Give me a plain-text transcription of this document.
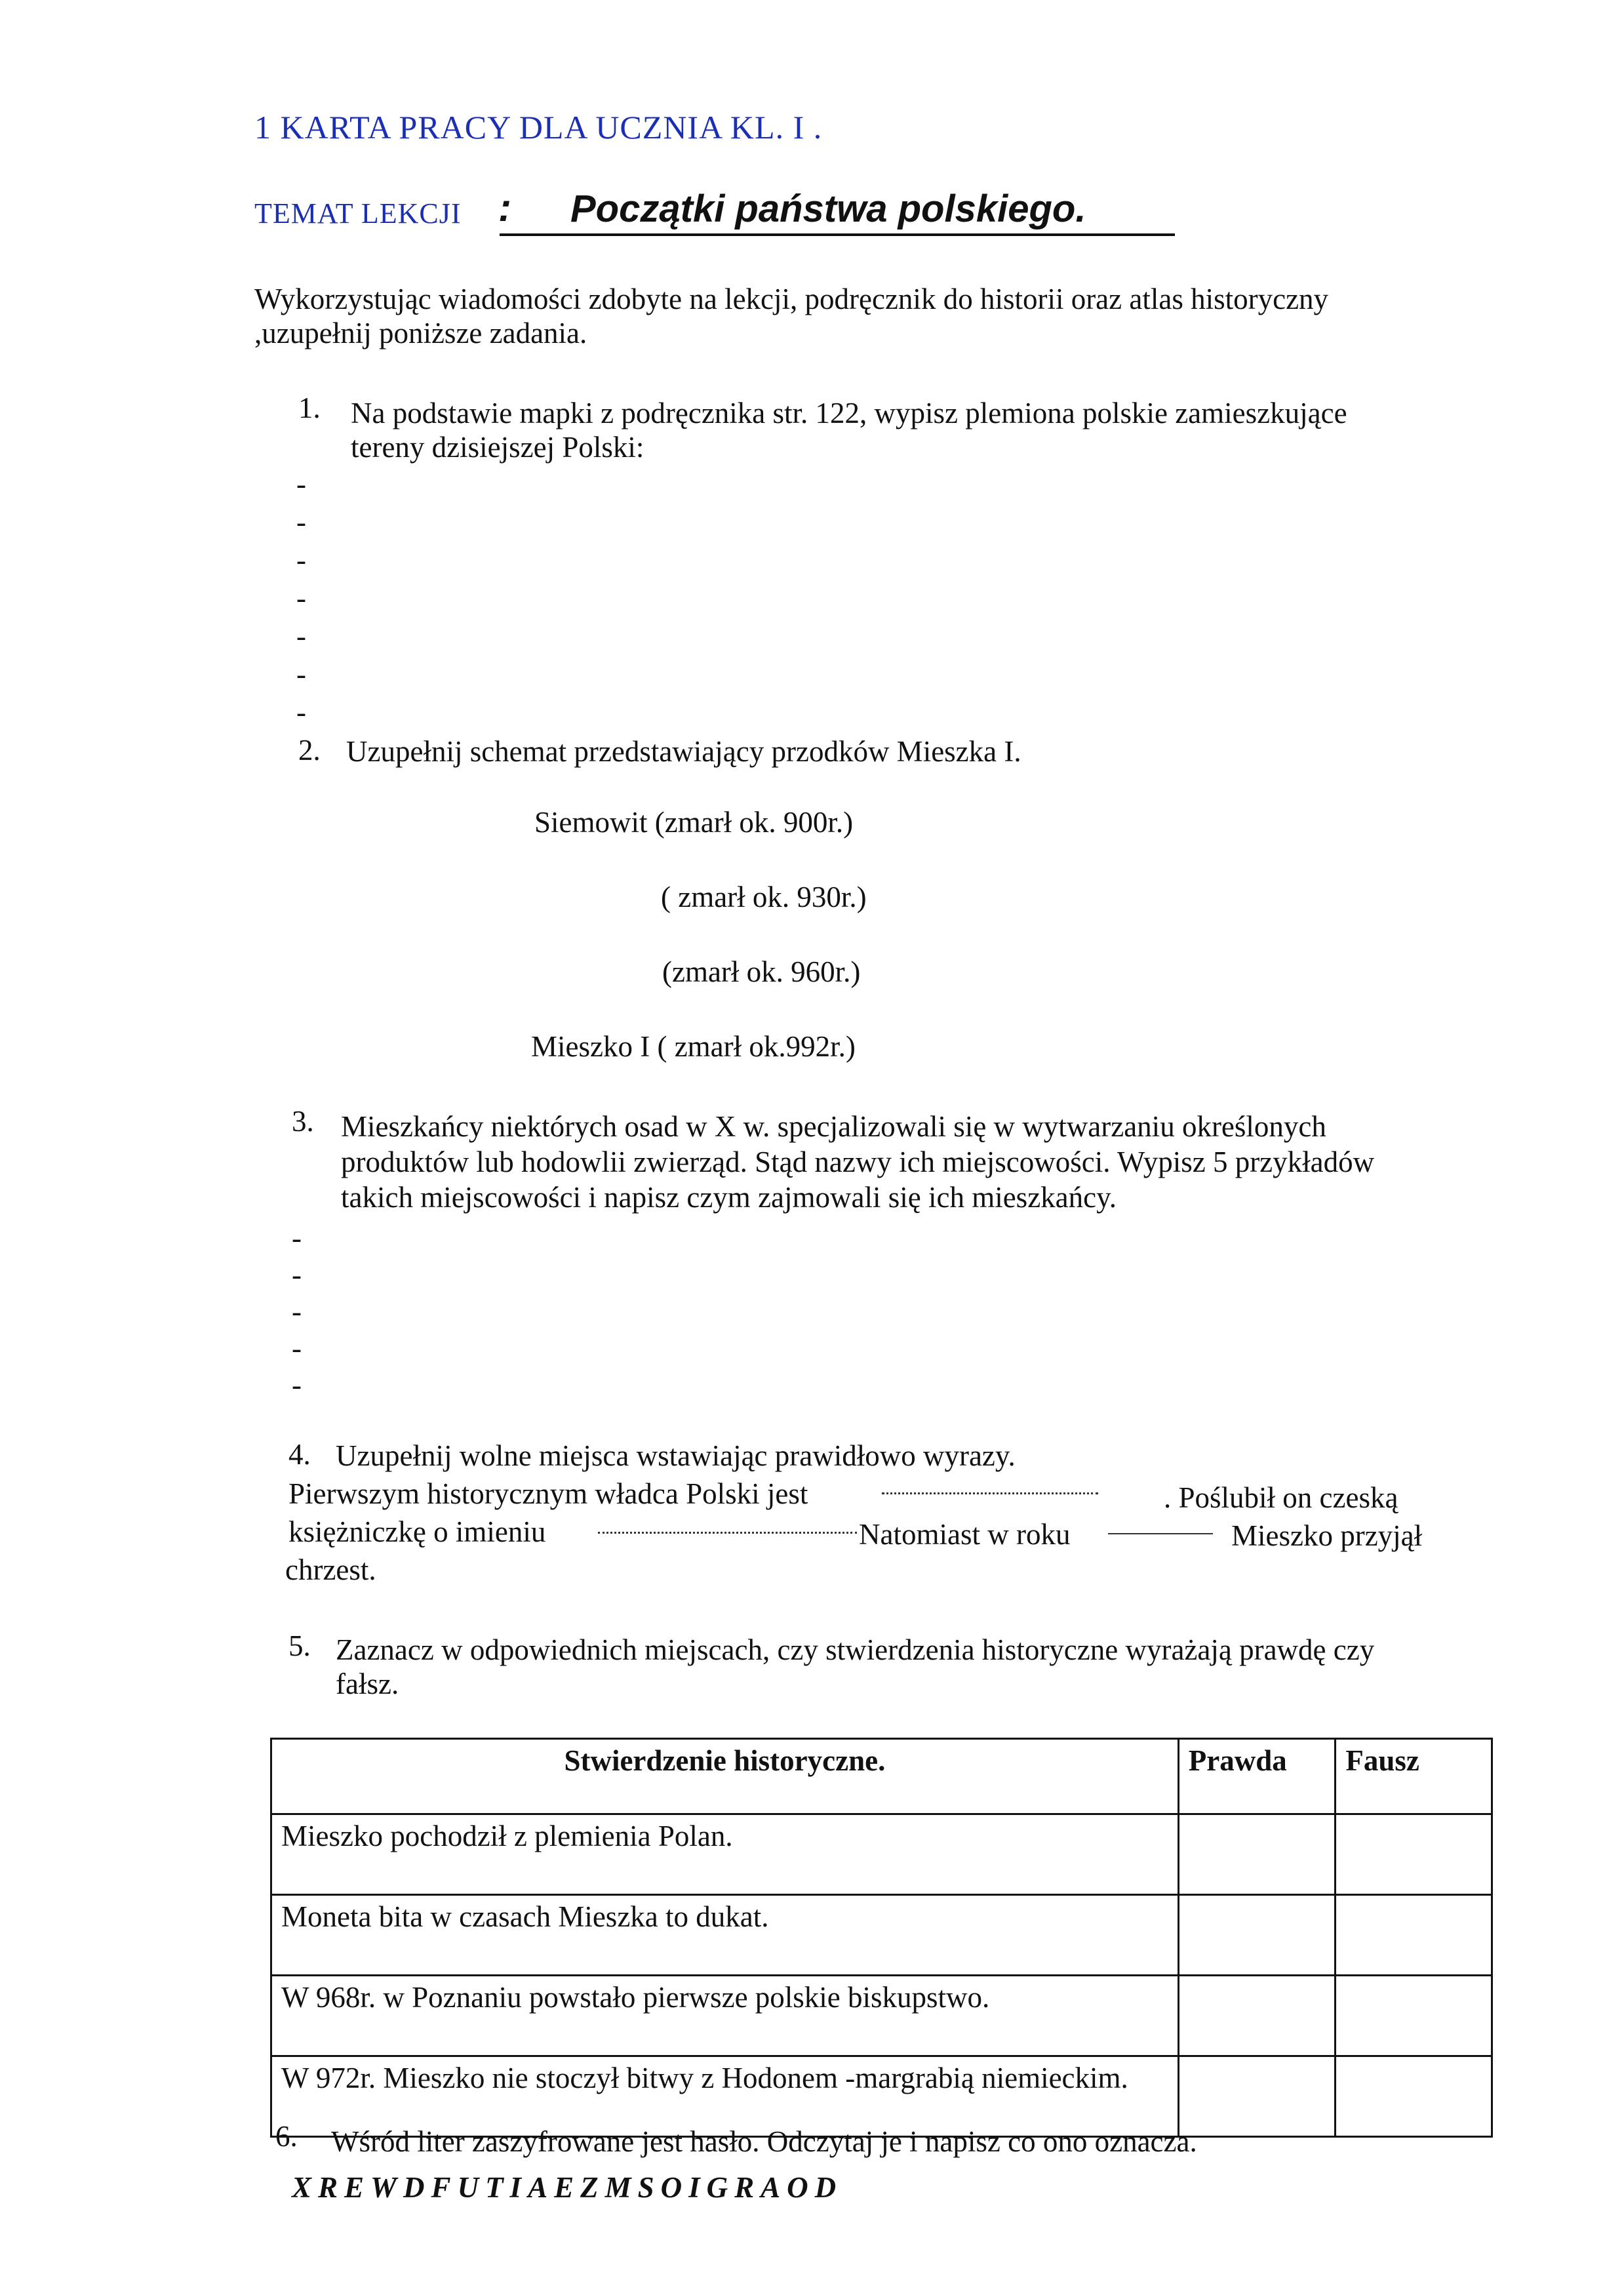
1 KARTA PRACY DLA UCZNIA KL. I .
TEMAT LEKCJI : Początki państwa polskiego.
Wykorzystując wiadomości zdobyte na lekcji, podręcznik do historii oraz atlas historyczny
,uzupełnij poniższe zadania.
1. Na podstawie mapki z podręcznika str. 122, wypisz plemiona polskie zamieszkujące
tereny dzisiejszej Polski:
-
-
-
-
-
-
-
2. Uzupełnij schemat przedstawiający przodków Mieszka I.
Siemowit (zmarł ok. 900r.)
( zmarł ok. 930r.)
(zmarł ok. 960r.)
Mieszko I ( zmarł ok.992r.)
3. Mieszkańcy niektórych osad w X w. specjalizowali się w wytwarzaniu określonych
produktów lub hodowlii zwierząd. Stąd nazwy ich miejscowości. Wypisz 5 przykładów
takich miejscowości i napisz czym zajmowali się ich mieszkańcy.
-
-
-
-
-
4. Uzupełnij wolne miejsca wstawiając prawidłowo wyrazy.
Pierwszym historycznym władca Polski jest	. Poślubił on czeską
księżniczkę o imieniu	Natomiast w roku	Mieszko przyjął
chrzest.
5. Zaznacz w odpowiednich miejscach, czy stwierdzenia historyczne wyrażają prawdę czy
fałsz.
Stwierdzenie historyczne.	Prawda	Fausz
Mieszko pochodził z plemienia Polan.		
Moneta bita w czasach Mieszka to dukat.		
W 968r. w Poznaniu powstało pierwsze polskie biskupstwo.		
W 972r. Mieszko nie stoczył bitwy z Hodonem -margrabią niemieckim.		
6. Wśród liter zaszyfrowane jest hasło. Odczytaj je i napisz co ono oznacza.
XREWDFUTIAEZMSOIGRAOD
